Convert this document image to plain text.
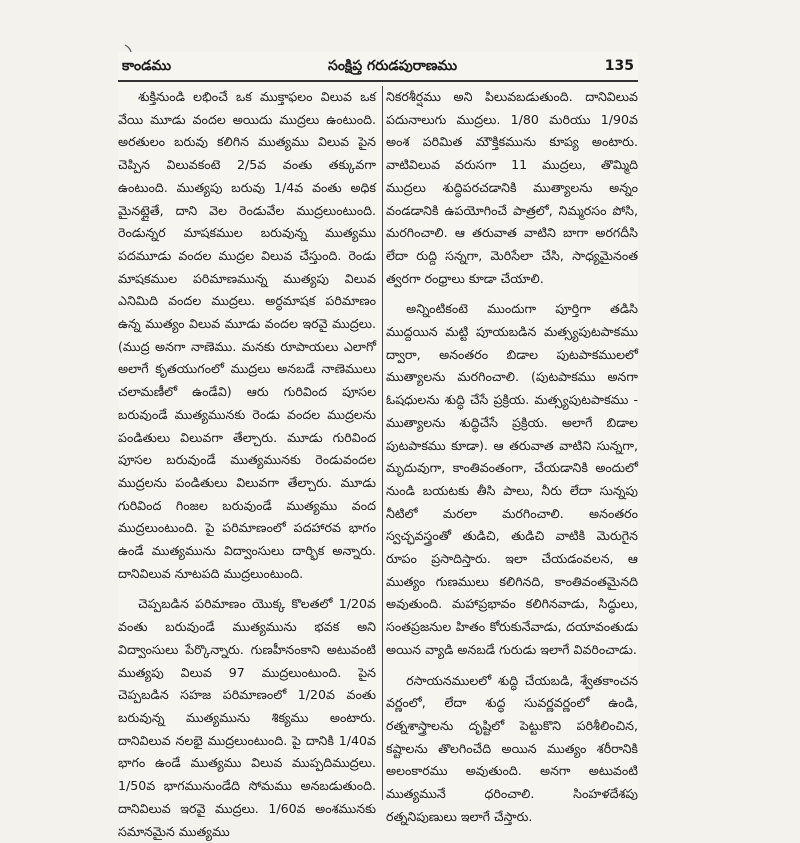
కాండము	సంక్షిప్త గరుడపురాణము	135

శుక్తినుండి లభించే ఒక ముక్తాఫలం విలువ ఒక వేయి మూడు వందల అయిదు ముద్రలు ఉంటుంది. అరతులం బరువు కలిగిన ముత్యము విలువ పైన చెప్పిన విలువకంటె 2/5వ వంతు తక్కువగా ఉంటుంది. ముత్యపు బరువు 1/4వ వంతు అధిక మైనట్లైతే, దాని వెల రెండువేల ముద్రలుంటుంది. రెండున్నర మాషకముల బరువున్న ముత్యము పదమూడు వందల ముద్రల విలువ చేస్తుంది. రెండు మాషకముల పరిమాణమున్న ముత్యపు విలువ ఎనిమిది వందల ముద్రలు. అర్ధమాషక పరిమాణం ఉన్న ముత్యం విలువ మూడు వందల ఇరవై ముద్రలు. (ముద్ర అనగా నాణెము. మనకు రూపాయలు ఎలాగో అలాగే కృతయుగంలో ముద్రలు అనబడే నాణెములు చలామణీలో ఉండేవి) ఆరు గురివింద పూసల బరువుండే ముత్యమునకు రెండు వందల ముద్రలను పండితులు విలువగా తేల్చారు. మూడు గురివింద పూసల బరువుండే ముత్యమునకు రెండువందల ముద్రలను పండితులు విలువగా తేల్చారు. మూడు గురివింద గింజల బరువుండే ముత్యము వంద ముద్రలుంటుంది. పై పరిమాణంలో పదహారవ భాగం ఉండే ముత్యమును విద్వాంసులు దార్భిక అన్నారు. దానివిలువ నూటపది ముద్రలుంటుంది.

చెప్పబడిన పరిమాణం యొక్క కొలతలో 1/20వ వంతు బరువుండే ముత్యమును భవక అని విద్వాంసులు పేర్కొన్నారు. గుణహీనంకాని అటువంటి ముత్యపు విలువ 97 ముద్రలుంటుంది. పైన చెప్పబడిన సహజ పరిమాణంలో 1/20వ వంతు బరువున్న ముత్యమును శిక్యము అంటారు. దానివిలువ నలభై ముద్రలుంటుంది. పై దానికి 1/40వ భాగం ఉండే ముత్యము విలువ ముప్పదిముద్రలు. 1/50వ భాగమునుండేది సోమము అనబడుతుంది. దానివిలువ ఇరవై ముద్రలు. 1/60వ అంశమునకు సమానమైన ముత్యము

నికరశీర్షము అని పిలువబడుతుంది. దానివిలువ పదునాలుగు ముద్రలు. 1/80 మరియు 1/90వ అంశ పరిమిత మౌక్తికమును కూప్య అంటారు. వాటివిలువ వరుసగా 11 ముద్రలు, తొమ్మిది ముద్రలు శుద్ధిపరచడానికి ముత్యాలను అన్నం వండడానికి ఉపయోగించే పాత్రలో, నిమ్మరసం పోసి, మరగించాలి. ఆ తరువాత వాటిని బాగా అరగదీసి లేదా రుద్ది సన్నగా, మెరిసేలా చేసి, సాధ్యమైనంత త్వరగా రంధ్రాలు కూడా చేయాలి.

అన్నింటికంటె ముందుగా పూర్తిగా తడిసి ముద్దయిన మట్టి పూయబడిన మత్స్యపుటపాకము ద్వారా, అనంతరం బిడాల పుటపాకములలో ముత్యాలను మరగించాలి. (పుటపాకము అనగా ఓషధులను శుద్ధి చేసే ప్రక్రియ. మత్స్యపుటపాకము - ముత్యాలను శుద్ధిచేసే ప్రక్రియ. అలాగే బిడాల పుటపాకము కూడా). ఆ తరువాత వాటిని సున్నగా, మృదువుగా, కాంతివంతంగా, చేయడానికి అందులో నుండి బయటకు తీసి పాలు, నీరు లేదా సున్నపు నీటిలో మరలా మరగించాలి. అనంతరం స్వచ్ఛవస్త్రంతో తుడిచి, తుడిచి వాటికి మెరుగైన రూపం ప్రసాదిస్తారు. ఇలా చేయడంవలన, ఆ ముత్యం గుణములు కలిగినది, కాంతివంతమైనది అవుతుంది. మహాప్రభావం కలిగినవాడు, సిద్ధులు, సంతప్రజనుల హితం కోరుకునేవాడు, దయావంతుడు అయిన వ్యాడి అనబడే గురుడు ఇలాగే వివరించాడు.

రసాయనములలో శుద్ధి చేయబడి, శ్వేతకాంచన వర్ణంలో, లేదా శుద్ధ సువర్ణవర్ణంలో ఉండి, రత్నశాస్త్రాలను దృష్టిలో పెట్టుకొని పరిశీలించిన, కష్టాలను తొలగించేది అయిన ముత్యం శరీరానికి అలంకారము అవుతుంది. అనగా అటువంటి ముత్యమునే ధరించాలి. సింహళదేశపు రత్ననిపుణులు ఇలాగే చేస్తారు.
